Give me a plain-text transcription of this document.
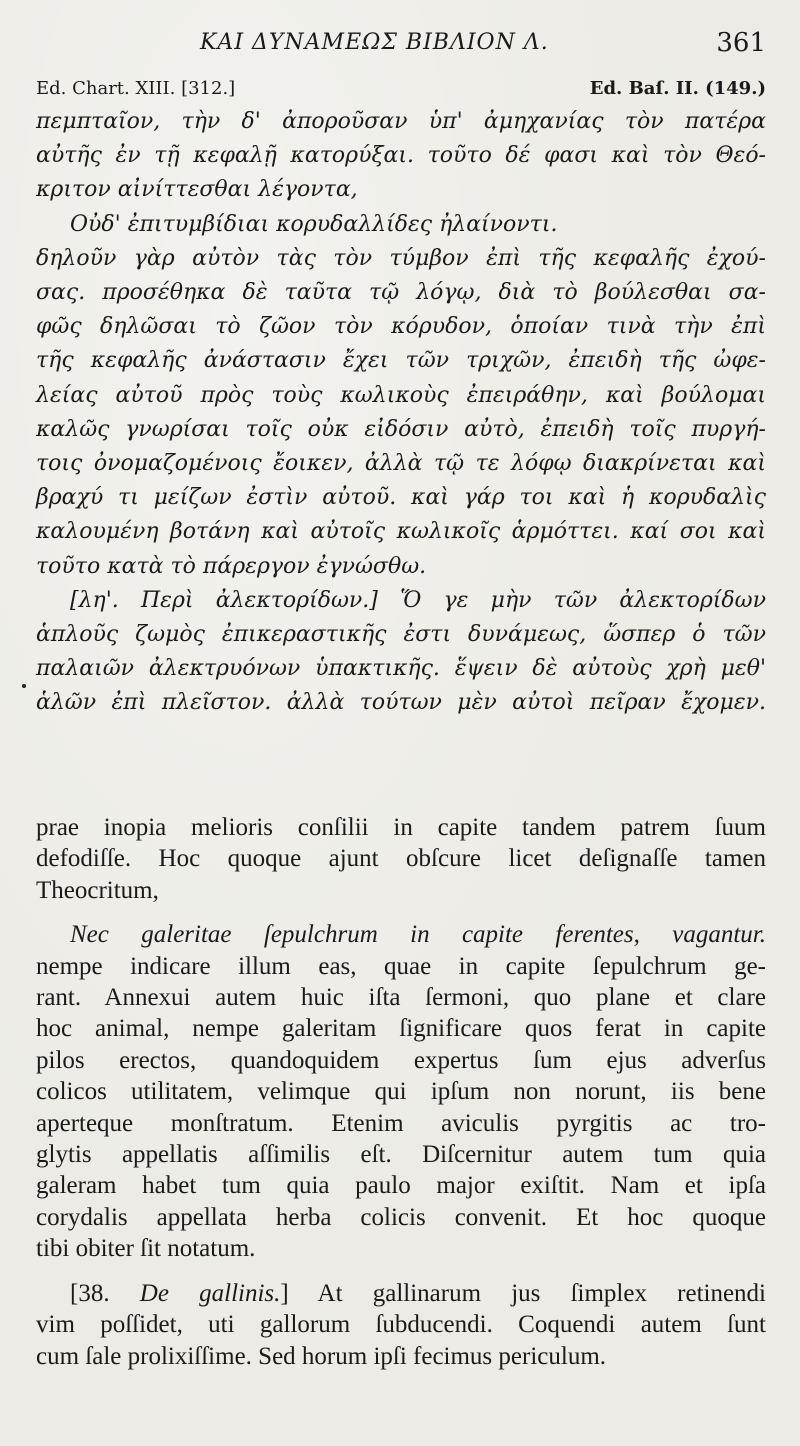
ΚΑΙ ΔΥΝΑΜΕΩΣ ΒΙΒΛΙΟΝ Λ.	361
Ed. Chart. XIII. [312.]	Ed. Baſ. II. (149.)
πεμπταῖον, τὴν δ' ἀπορoῦσαν ὑπ' ἀμηχανίας τὸν πατέρα
αὐτῆς ἐν τῇ κεφαλῇ κατορύξαι. τοῦτο δέ φασι καὶ τὸν Θεό-
κριτον αἰνίττεσθαι λέγοντα,
Οὐδ' ἐπιτυμβίδιαι κορυδαλλίδες ἠλαίνοντι.
δηλοῦν γὰρ αὐτὸν τὰς τὸν τύμβον ἐπὶ τῆς κεφαλῆς ἐχού-
σας. προσέθηκα δὲ ταῦτα τῷ λόγῳ, διὰ τὸ βούλεσθαι σα-
φῶς δηλῶσαι τὸ ζῶον τὸν κόρυδον, ὁποίαν τινὰ τὴν ἐπὶ
τῆς κεφαλῆς ἀνάστασιν ἔχει τῶν τριχῶν, ἐπειδὴ τῆς ὠφε-
λείας αὐτοῦ πρὸς τοὺς κωλικοὺς ἐπειράθην, καὶ βούλομαι
καλῶς γνωρίσαι τοῖς οὐκ εἰδόσιν αὐτὸ, ἐπειδὴ τοῖς πυργή-
τοις ὀνομαζομένοις ἔοικεν, ἀλλὰ τῷ τε λόφῳ διακρίνεται καὶ
βραχύ τι μείζων ἐστὶν αὐτοῦ. καὶ γάρ τοι καὶ ἡ κορυδαλὶς
καλουμένη βοτάνη καὶ αὐτοῖς κωλικοῖς ἁρμόττει. καί σοι καὶ
τοῦτο κατὰ τὸ πάρεργον ἐγνώσθω.
[λη'. Περὶ ἀλεκτορίδων.] Ὅ γε μὴν τῶν ἀλεκτορίδων
ἁπλοῦς ζωμὸς ἐπικεραστικῆς ἐστι δυνάμεως, ὥσπερ ὁ τῶν
παλαιῶν ἀλεκτρυόνων ὑπακτικῆς. ἕψειν δὲ αὐτοὺς χρὴ μεθ'
ἁλῶν ἐπὶ πλεῖστον. ἀλλὰ τούτων μὲν αὐτοὶ πεῖραν ἔχομεν.
prae inopia melioris conſilii in capite tandem patrem ſuum
defodiſſe. Hoc quoque ajunt obſcure licet deſignaſſe tamen
Theocritum,
Nec galeritae ſepulchrum in capite ferentes, vagantur.
nempe indicare illum eas, quae in capite ſepulchrum ge-
rant. Annexui autem huic iſta ſermoni, quo plane et clare
hoc animal, nempe galeritam ſignificare quos ferat in capite
pilos erectos, quandoquidem expertus ſum ejus adverſus
colicos utilitatem, velimque qui ipſum non norunt, iis bene
aperteque monſtratum. Etenim aviculis pyrgitis ac tro-
glytis appellatis aſſimilis eſt. Diſcernitur autem tum quia
galeram habet tum quia paulo major exiſtit. Nam et ipſa
corydalis appellata herba colicis convenit. Et hoc quoque
tibi obiter ſit notatum.
[38. De gallinis.] At gallinarum jus ſimplex retinendi
vim poſſidet, uti gallorum ſubducendi. Coquendi autem ſunt
cum ſale prolixiſſime. Sed horum ipſi fecimus periculum.
